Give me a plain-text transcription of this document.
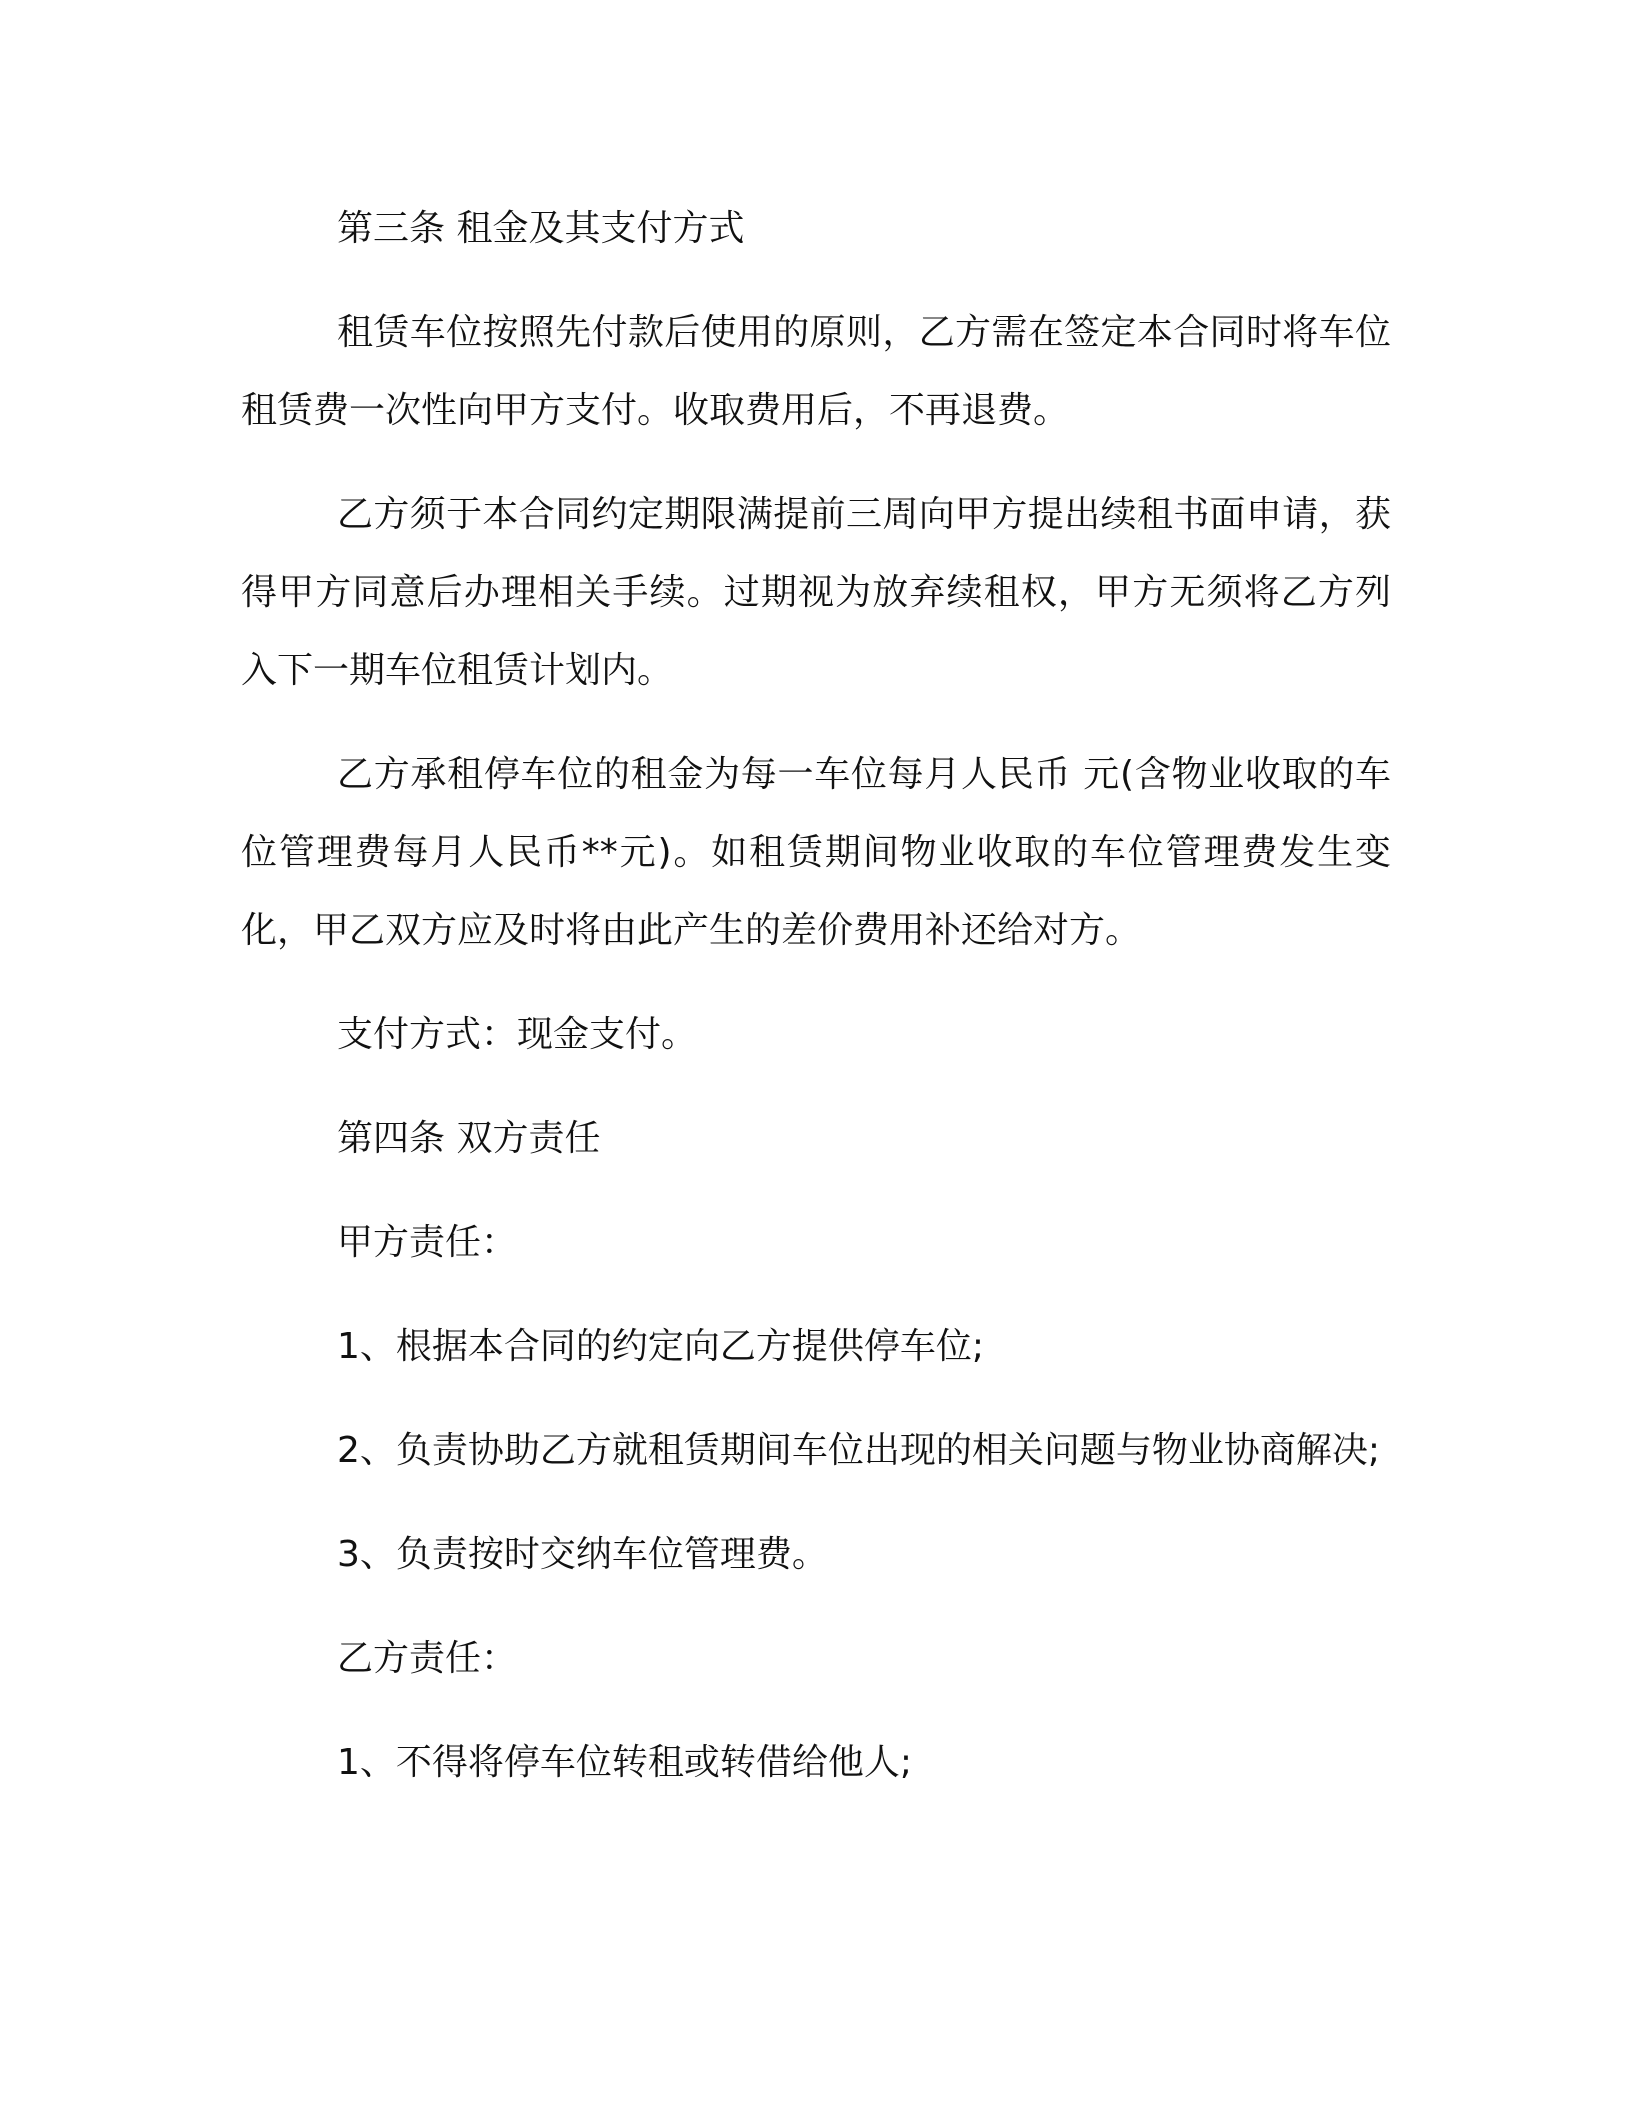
第三条 租金及其支付方式

租赁车位按照先付款后使用的原则，乙方需在签定本合同时将车位租赁费一次性向甲方支付。收取费用后，不再退费。

乙方须于本合同约定期限满提前三周向甲方提出续租书面申请，获得甲方同意后办理相关手续。过期视为放弃续租权，甲方无须将乙方列入下一期车位租赁计划内。

乙方承租停车位的租金为每一车位每月人民币 元(含物业收取的车位管理费每月人民币**元)。如租赁期间物业收取的车位管理费发生变化，甲乙双方应及时将由此产生的差价费用补还给对方。

支付方式：现金支付。

第四条 双方责任

甲方责任：

1、根据本合同的约定向乙方提供停车位;

2、负责协助乙方就租赁期间车位出现的相关问题与物业协商解决;

3、负责按时交纳车位管理费。

乙方责任：

1、不得将停车位转租或转借给他人;
